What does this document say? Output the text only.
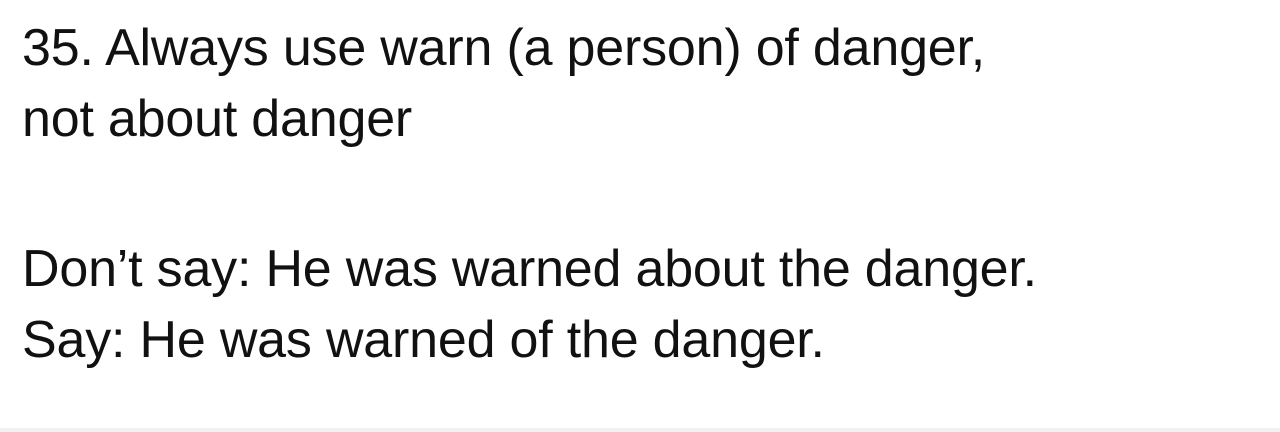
35. Always use warn (a person) of danger,
not about danger
Don’t say: He was warned about the danger.
Say: He was warned of the danger.
